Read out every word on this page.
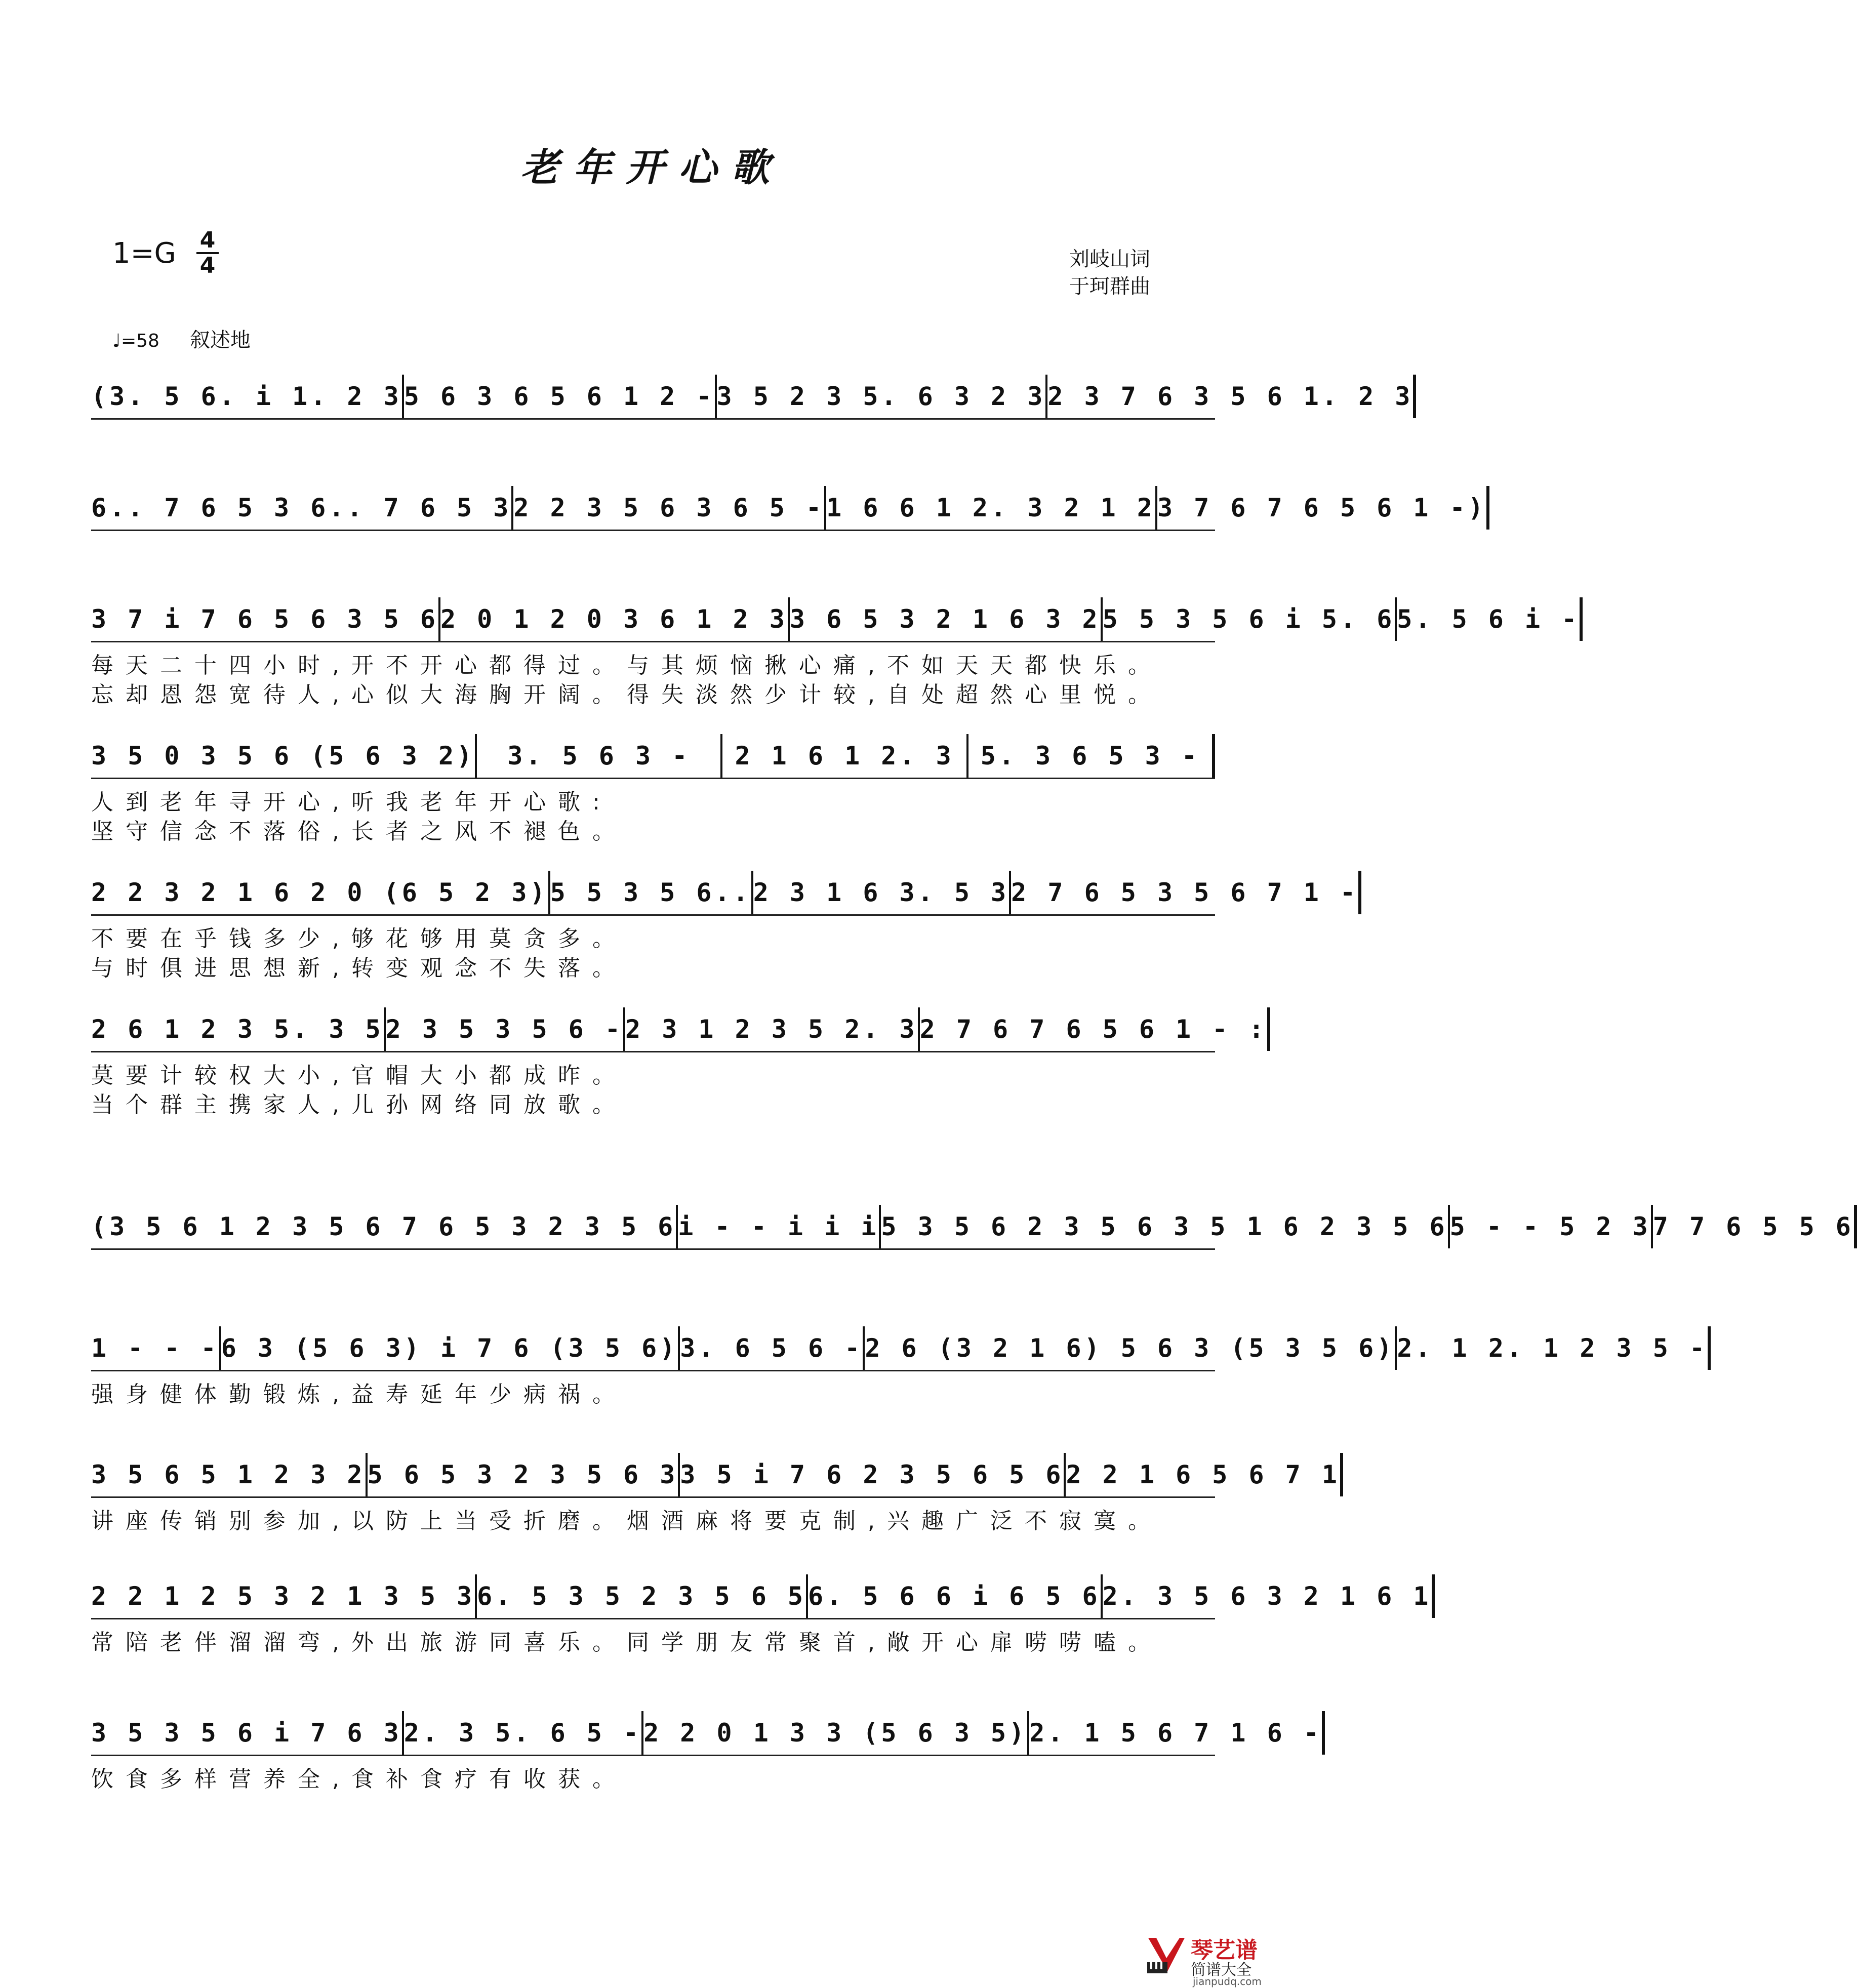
老年开心歌
1=G 4
4	刘岐山词
于珂群曲
♩=58 叙述地
(3. 5 6. i 1. 2 3 5 6 3 6 5 6 1 2 - 3 5 2 3 5. 6 3 2 3 2 3 7 6 3 5 6 1. 2 3
6.. 7 6 5 3 6.. 7 6 5 3 2 2 3 5 6 3 6 5 - 1 6 6 1 2. 3 2 1 2 3 7 6 7 6 5 6 1 -)
3 7 i 7 6 5 6 3 5 6 2 0 1 2 0 3 6 1 2 3 3 6 5 3 2 1 6 3 2 5 5 3 5 6 i 5. 6 5. 5 6 i -
每天二十四小时,开不开心都得过。与其烦恼揪心痛,不如天天都快乐。
忘却恩怨宽待人,心似大海胸开阔。得失淡然少计较,自处超然心里悦。
3 5 0 3 5 6 (5 6 3 2)	3. 5 6 3 -	2 1 6 1 2. 3	5. 3 6 5 3 -
人到老年寻开心,听我老年开心歌:
坚守信念不落俗,长者之风不褪色。
2 2 3 2 1 6 2 0 (6 5 2 3) 5 5 3 5 6.. 2 3 1 6 3. 5 3 2 7 6 5 3 5 6 7 1 -
不要在乎钱多少,够花够用莫贪多。
与时俱进思想新,转变观念不失落。
2 6 1 2 3 5. 3 5 2 3 5 3 5 6 - 2 3 1 2 3 5 2. 3 2 7 6 7 6 5 6 1 - :
莫要计较权大小,官帽大小都成昨。
当个群主携家人,儿孙网络同放歌。
(3 5 6 1 2 3 5 6 7 6 5 3 2 3 5 6 i - - i i i 5 3 5 6 2 3 5 6 3 5 1 6 2 3 5 6 5 - - 5 2 3 7 7 6 5 5 6
1 - - - 6 3 (5 6 3) i 7 6 (3 5 6) 3. 6 5 6 - 2 6 (3 2 1 6) 5 6 3 (5 3 5 6) 2. 1 2. 1 2 3 5 -
强身健体勤锻炼,益寿延年少病祸。
3 5 6 5 1 2 3 2 5 6 5 3 2 3 5 6 3 3 5 i 7 6 2 3 5 6 5 6 2 2 1 6 5 6 7 1
讲座传销别参加,以防上当受折磨。烟酒麻将要克制,兴趣广泛不寂寞。
2 2 1 2 5 3 2 1 3 5 3 6. 5 3 5 2 3 5 6 5 6. 5 6 6 i 6 5 6 2. 3 5 6 3 2 1 6 1
常陪老伴溜溜弯,外出旅游同喜乐。同学朋友常聚首,敞开心扉唠唠嗑。
3 5 3 5 6 i 7 6 3 2. 3 5. 6 5 - 2 2 0 1 3 3 (5 6 3 5) 2. 1 5 6 7 1 6 -
饮食多样营养全,食补食疗有收获。
琴艺谱
简谱大全
jianpudq.com
